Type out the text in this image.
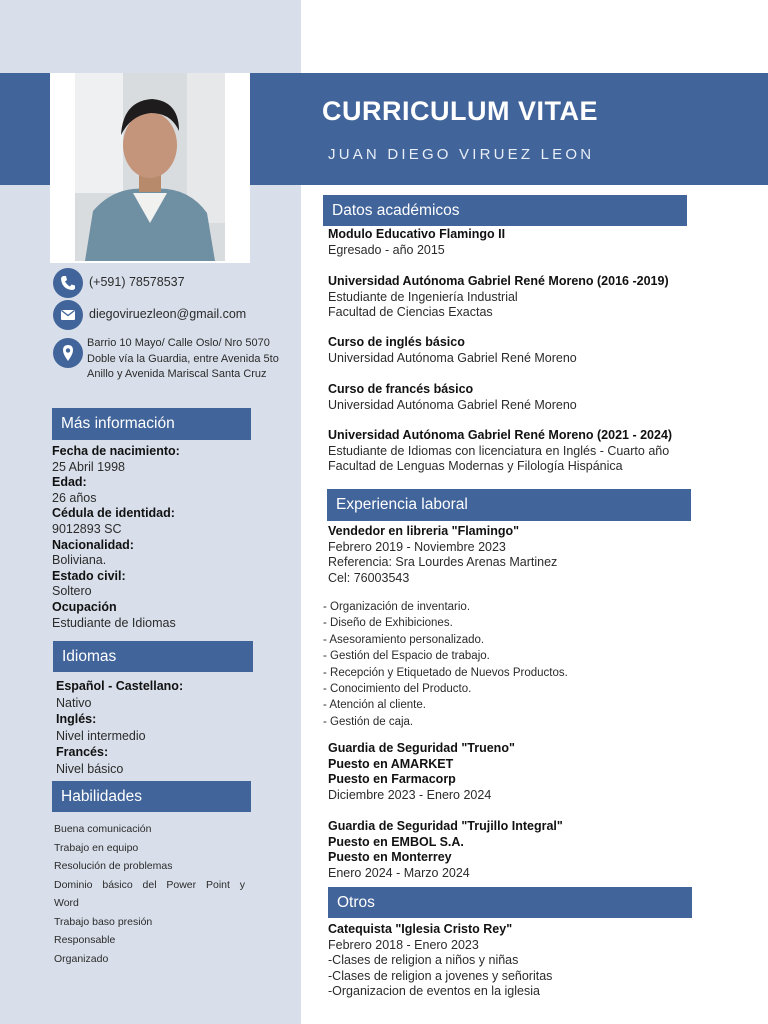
CURRICULUM VITAE
JUAN DIEGO VIRUEZ LEON
(+591) 78578537
diegoviruezleon@gmail.com
Barrio 10 Mayo/ Calle Oslo/ Nro 5070
Doble vía la Guardia, entre Avenida 5to
Anillo y Avenida Mariscal Santa Cruz
Más información
Fecha de nacimiento:
25 Abril 1998
Edad:
26 años
Cédula de identidad:
9012893 SC
Nacionalidad:
Boliviana.
Estado civil:
Soltero
Ocupación
Estudiante de Idiomas
Idiomas
Español - Castellano:
Nativo
Inglés:
Nivel intermedio
Francés:
Nivel básico
Habilidades
Buena comunicación
Trabajo en equipo
Resolución de problemas
Dominio  básico  del  Power  Point  y
Word
Trabajo baso presión
Responsable
Organizado
Datos académicos
Modulo Educativo Flamingo II
Egresado - año 2015
Universidad Autónoma Gabriel René Moreno (2016 -2019)
Estudiante de Ingeniería Industrial
Facultad de Ciencias Exactas
Curso de inglés básico
Universidad Autónoma Gabriel René Moreno
Curso de francés básico
Universidad Autónoma Gabriel René Moreno
Universidad Autónoma Gabriel René Moreno (2021 - 2024)
Estudiante de Idiomas con licenciatura en Inglés - Cuarto año
Facultad de Lenguas Modernas y Filología Hispánica
Experiencia laboral
Vendedor en libreria "Flamingo"
Febrero 2019 - Noviembre 2023
Referencia: Sra Lourdes Arenas Martinez
Cel: 76003543
- Organización de inventario.
- Diseño de Exhibiciones.
- Asesoramiento personalizado.
- Gestión del Espacio de trabajo.
- Recepción y Etiquetado de Nuevos Productos.
- Conocimiento del Producto.
- Atención al cliente.
- Gestión de caja.
Guardia de Seguridad "Trueno"
Puesto en AMARKET
Puesto en Farmacorp
Diciembre 2023 - Enero 2024
Guardia de Seguridad "Trujillo Integral"
Puesto en EMBOL S.A.
Puesto en Monterrey
Enero 2024 - Marzo 2024
Otros
Catequista "Iglesia Cristo Rey"
Febrero 2018 - Enero 2023
-Clases de religion a niños y niñas
-Clases de religion a jovenes y señoritas
-Organizacion de eventos en la iglesia
